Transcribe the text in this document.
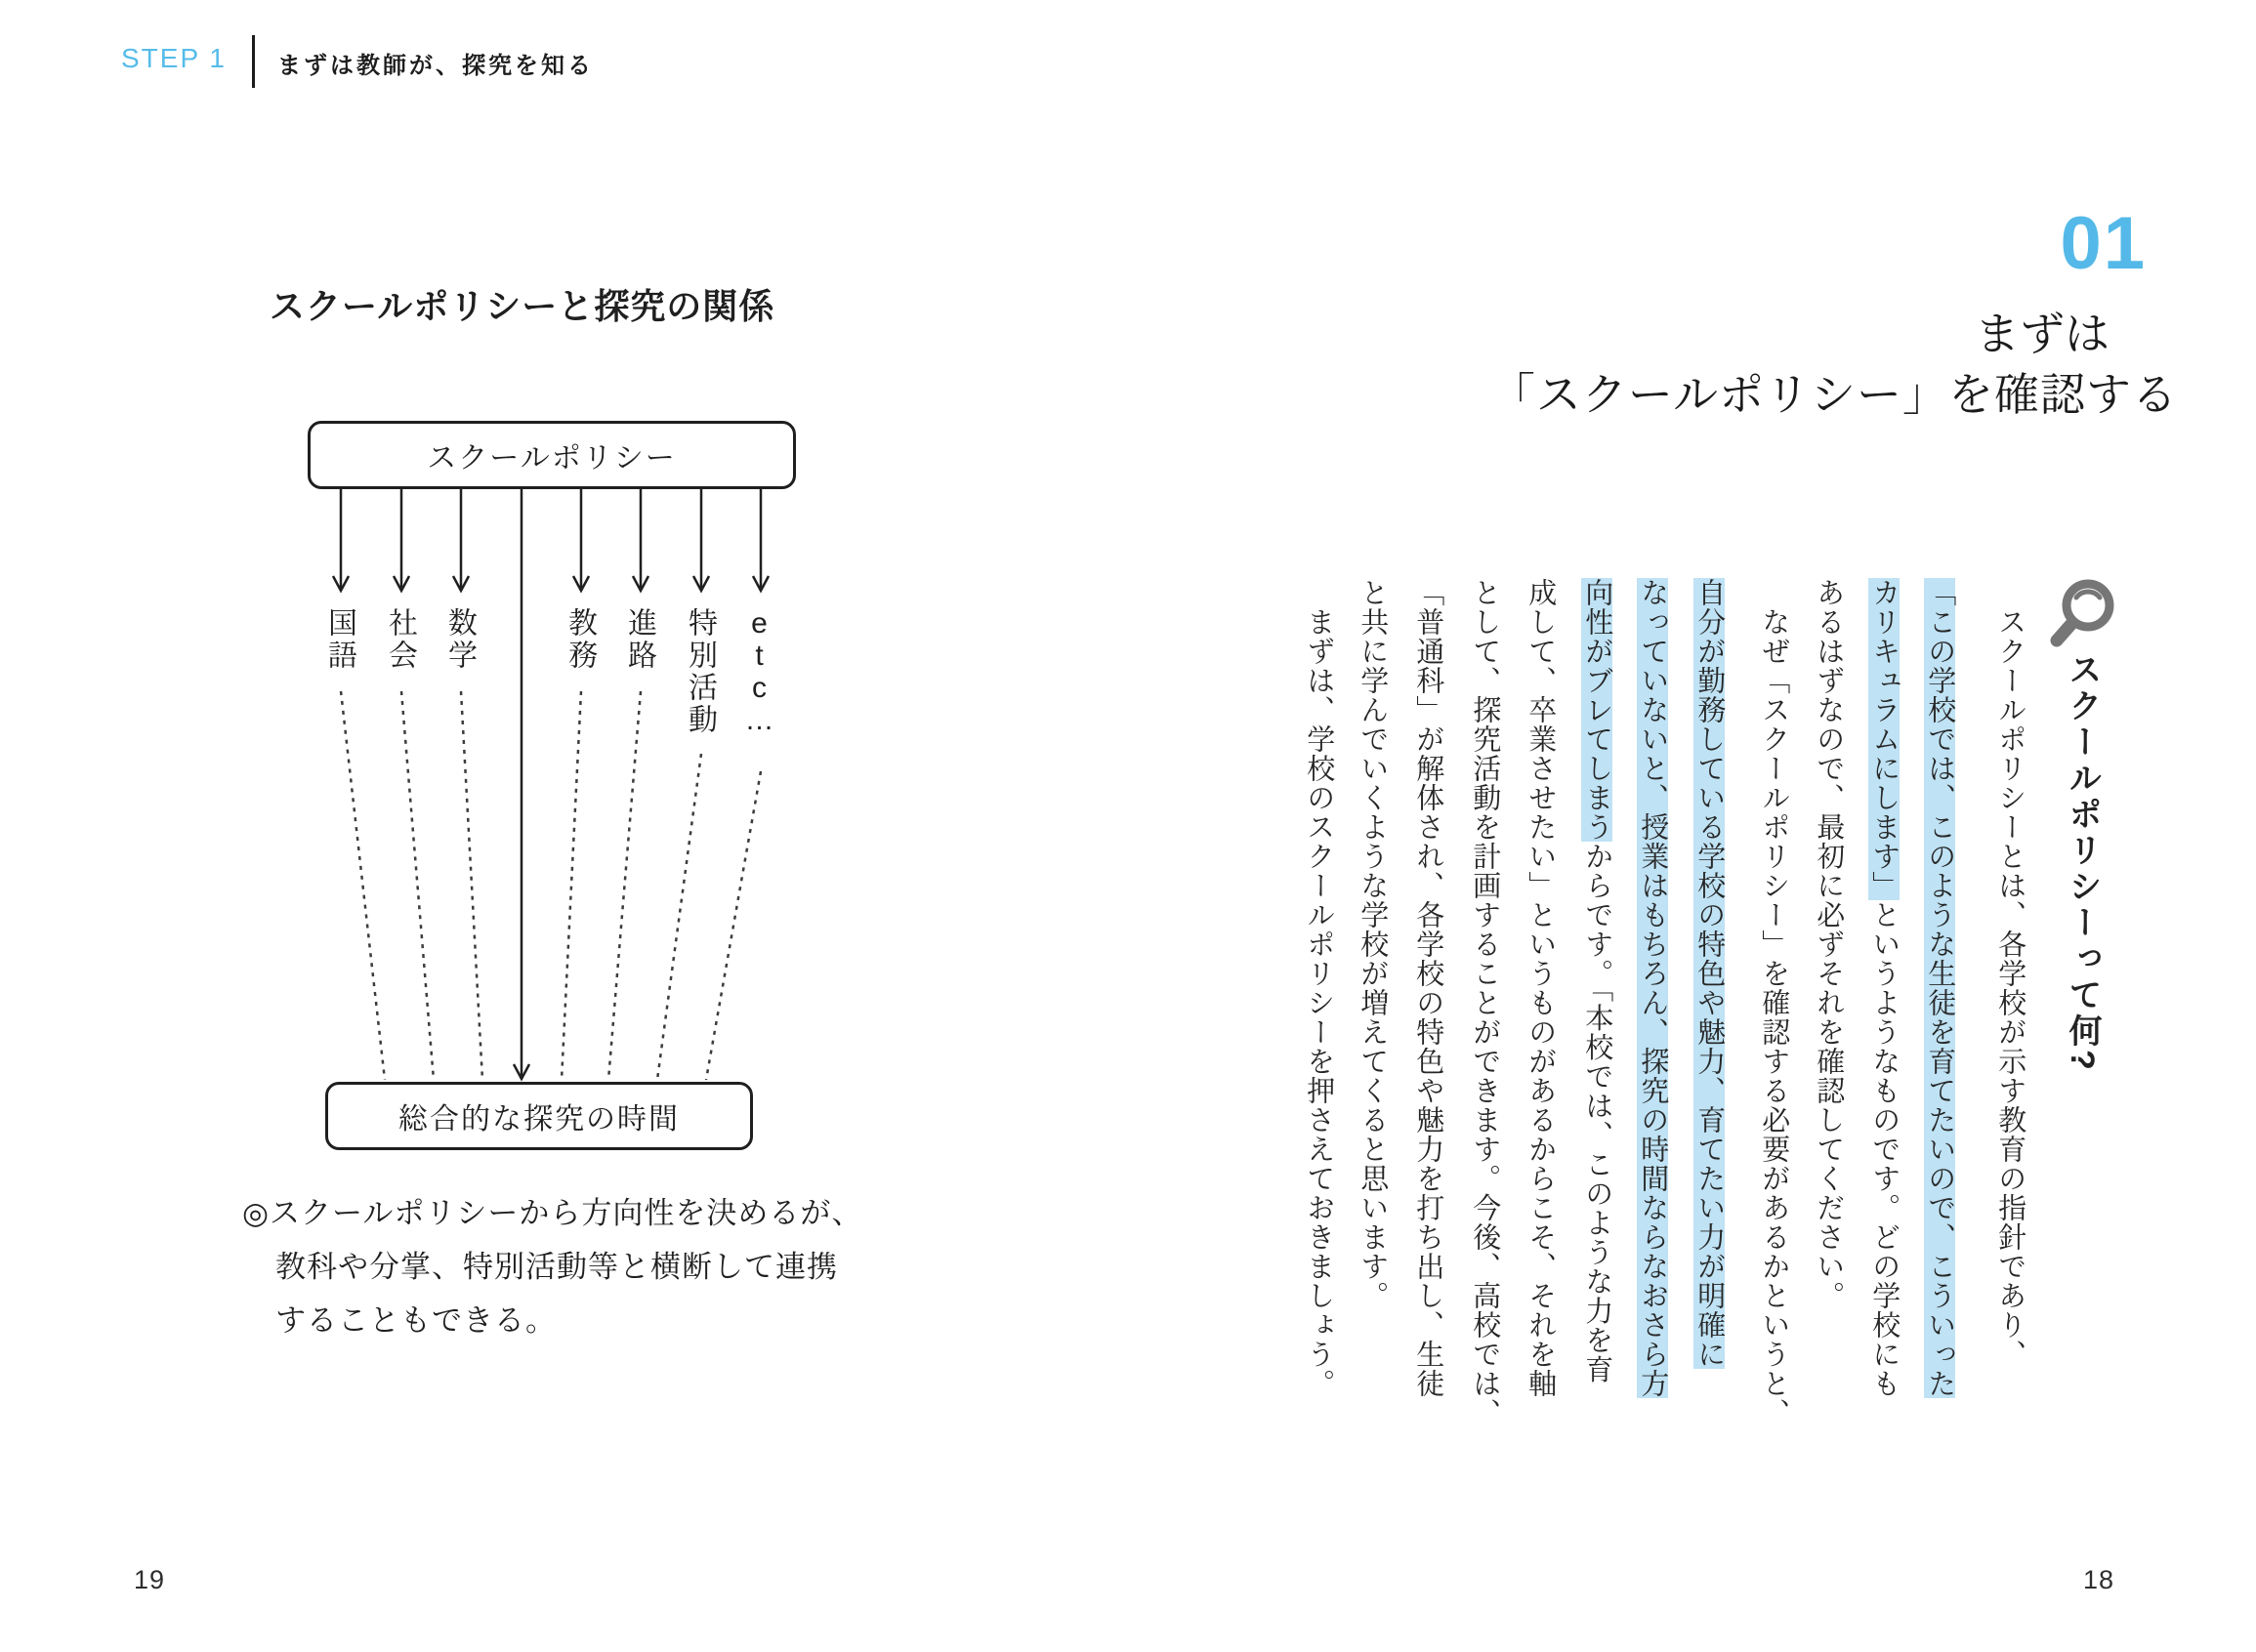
STEP 1 まずは教師が、探究を知る
スクールポリシーと探究の関係
スクールポリシー
国語 社会 数学	教務 進路 特別活動 etc…
総合的な探究の時間
◎スクールポリシーから方向性を決めるが、
教科や分掌、特別活動等と横断して連携
することもできる。
01
まずは
「スクールポリシー」を確認する
スクールポリシーって何?
スクールポリシーとは、各学校が示す教育の指針であり、
「この学校では、このような生徒を育てたいので、こういった
カリキュラムにします」というようなものです。どの学校にも
あるはずなので、最初に必ずそれを確認してください。
なぜ「スクールポリシー」を確認する必要があるかというと、
自分が勤務している学校の特色や魅力、育てたい力が明確に
なっていないと、授業はもちろん、探究の時間ならなおさら方
向性がブレてしまうからです。「本校では、このような力を育
成して、卒業させたい」というものがあるからこそ、それを軸
として、探究活動を計画することができます。今後、高校では、
「普通科」が解体され、各学校の特色や魅力を打ち出し、生徒
と共に学んでいくような学校が増えてくると思います。
まずは、学校のスクールポリシーを押さえておきましょう。
19	18
